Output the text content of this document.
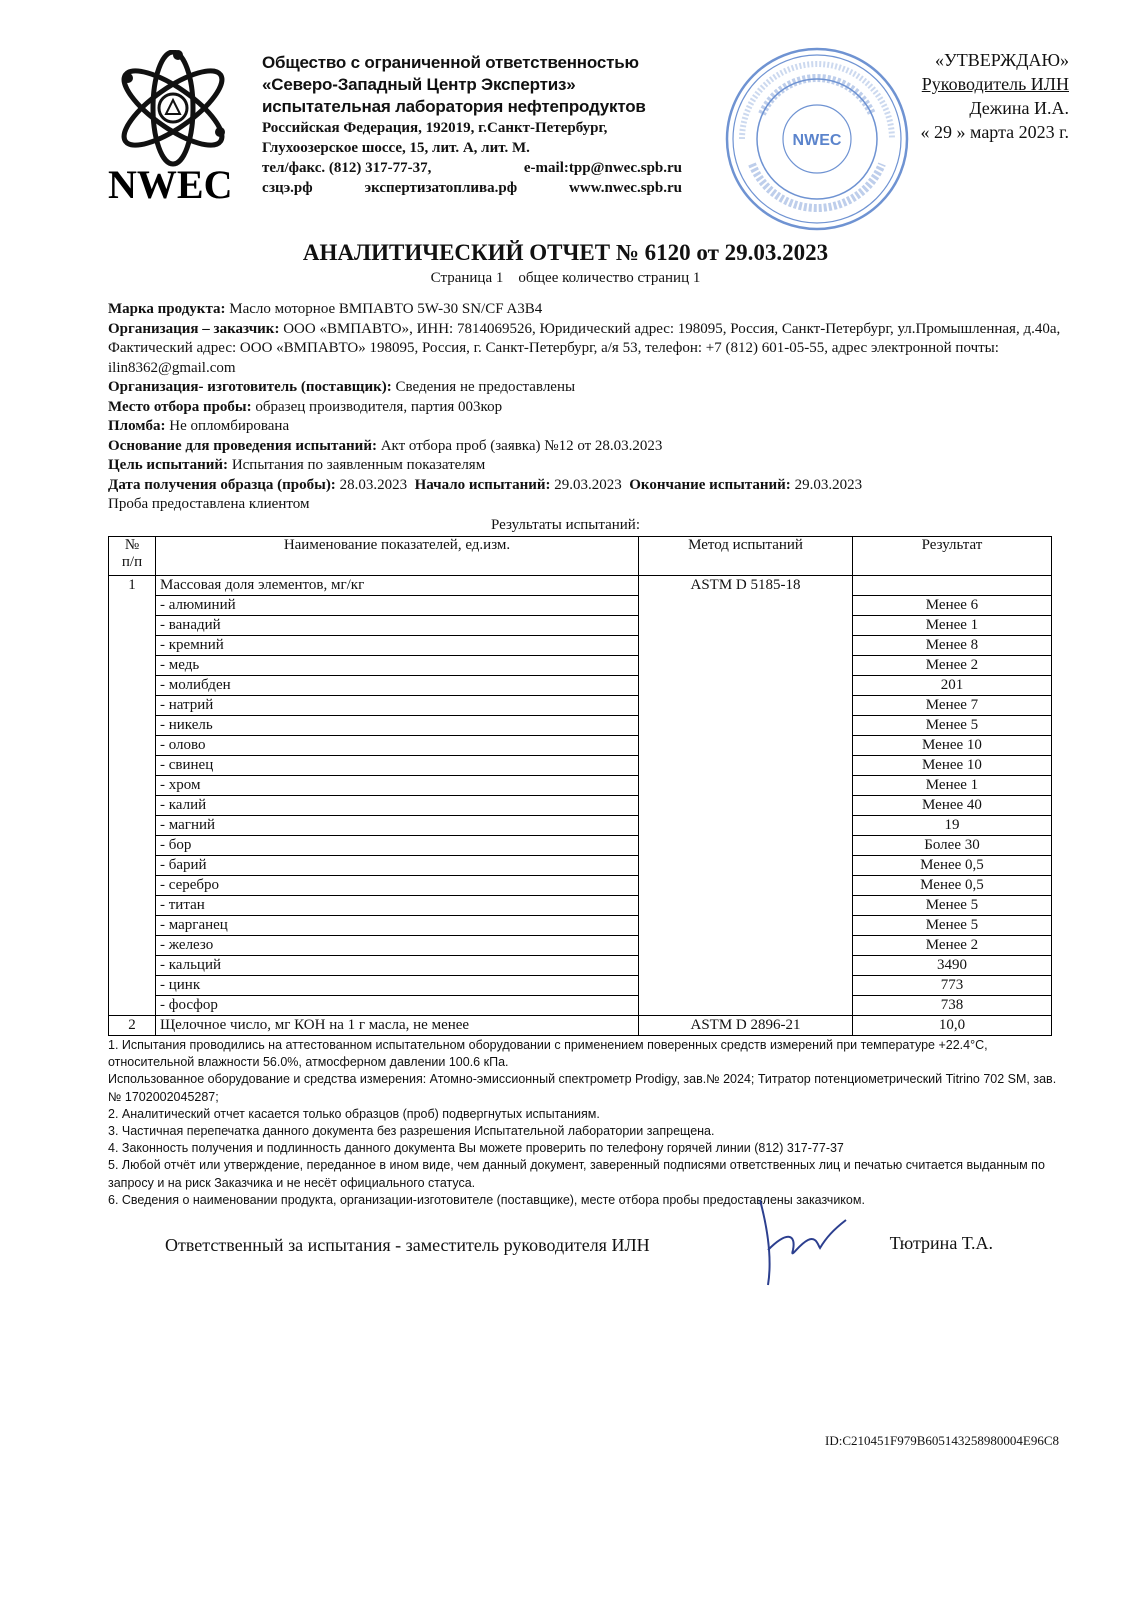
NWEC
Общество с ограниченной ответственностью
«Северо-Западный Центр Экспертиз»
испытательная лаборатория нефтепродуктов
Российская Федерация, 192019, г.Санкт-Петербург,
Глухоозерское шоссе, 15, лит. А, лит. М.
тел/факс. (812) 317-77-37,	e-mail:tpp@nwec.spb.ru
сзцэ.рф	экспертизатоплива.рф	www.nwec.spb.ru
NWEC
«УТВЕРЖДАЮ»
Руководитель ИЛН
Дежина И.А.
« 29 » марта 2023 г.
АНАЛИТИЧЕСКИЙ ОТЧЕТ № 6120 от 29.03.2023
Страница 1    общее количество страниц 1

Марка продукта: Масло моторное ВМПАВТО 5W-30 SN/CF A3B4

Организация – заказчик: ООО «ВМПАВТО», ИНН: 7814069526, Юридический адрес: 198095, Россия, Санкт-Петербург, ул.Промышленная, д.40а, Фактический адрес: ООО «ВМПАВТО» 198095, Россия, г. Санкт-Петербург, а/я 53, телефон: +7 (812) 601-05-55, адрес электронной почты: ilin8362@gmail.com

Организация- изготовитель (поставщик): Сведения не предоставлены

Место отбора пробы: образец производителя, партия 003кор

Пломба: Не опломбирована

Основание для проведения испытаний: Акт отбора проб (заявка) №12 от 28.03.2023

Цель испытаний: Испытания по заявленным показателям

Дата получения образца (пробы): 28.03.2023 Начало испытаний: 29.03.2023 Окончание испытаний: 29.03.2023

Проба предоставлена клиентом

Результаты испытаний:
№
п/п	Наименование показателей, ед.изм.	Метод испытаний	Результат
1	Массовая доля элементов, мг/кг	ASTM D 5185-18	
	- алюминий		Менее 6
	- ванадий		Менее 1
	- кремний		Менее 8
	- медь		Менее 2
	- молибден		201
	- натрий		Менее 7
	- никель		Менее 5
	- олово		Менее 10
	- свинец		Менее 10
	- хром		Менее 1
	- калий		Менее 40
	- магний		19
	- бор		Более 30
	- барий		Менее 0,5
	- серебро		Менее 0,5
	- титан		Менее 5
	- марганец		Менее 5
	- железо		Менее 2
	- кальций		3490
	- цинк		773
	- фосфор		738
2	Щелочное число, мг КОН на 1 г масла, не менее	ASTM D 2896-21	10,0

1. Испытания проводились на аттестованном испытательном оборудовании с применением поверенных средств измерений при температуре +22.4°C, относительной влажности 56.0%, атмосферном давлении 100.6 кПа.

Использованное оборудование и средства измерения: Атомно-эмиссионный спектрометр Prodigy, зав.№ 2024; Титратор потенциометрический Titrino 702 SM, зав.№ 1702002045287;

2. Аналитический отчет касается только образцов (проб) подвергнутых испытаниям.

3. Частичная перепечатка данного документа без разрешения Испытательной лаборатории запрещена.

4. Законность получения и подлинность данного документа Вы можете проверить по телефону горячей линии (812) 317-77-37

5. Любой отчёт или утверждение, переданное в ином виде, чем данный документ, заверенный подписями ответственных лиц и печатью считается выданным по запросу и на риск Заказчика и не несёт официального статуса.

6. Сведения о наименовании продукта, организации-изготовителе (поставщике), месте отбора пробы предоставлены заказчиком.

Ответственный за испытания - заместитель руководителя ИЛН	Тютрина Т.А.
ID:C210451F979B605143258980004E96C8
